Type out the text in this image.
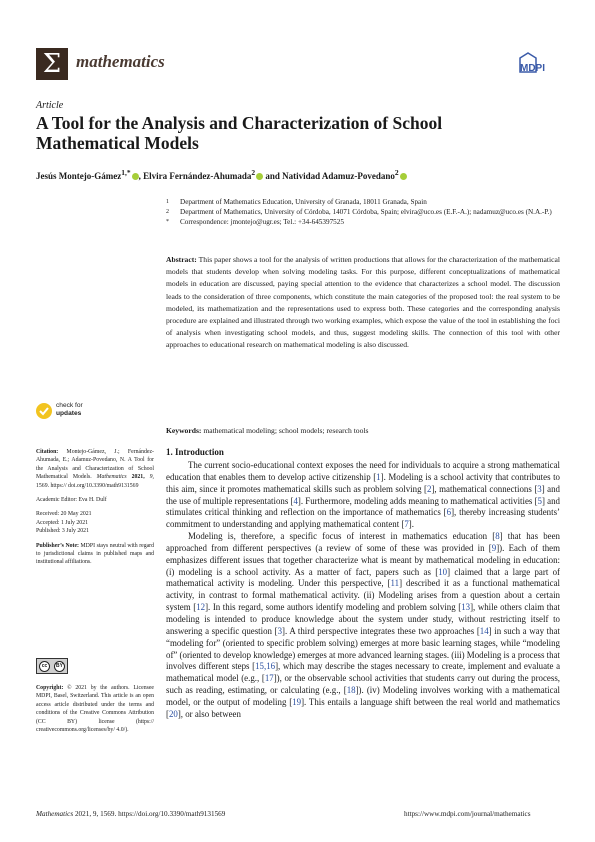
Σ mathematics	MDPI
Article
A Tool for the Analysis and Characterization of School Mathematical Models
Jesús Montejo-Gámez$^{1,*}$ , Elvira Fernández-Ahumada$^2$ and Natividad Adamuz-Povedano$^2$
1	Department of Mathematics Education, University of Granada, 18011 Granada, Spain
2	Department of Mathematics, University of Córdoba, 14071 Córdoba, Spain; elvira@uco.es (E.F.-A.); nadamuz@uco.es (N.A.-P.)
*	Correspondence: jmontejo@ugr.es; Tel.: +34-645397525
Abstract: This paper shows a tool for the analysis of written productions that allows for the characterization of the mathematical models that students develop when solving modeling tasks. For this purpose, different conceptualizations of mathematical models in education are discussed, paying special attention to the evidence that characterizes a school model. The discussion leads to the consideration of three components, which constitute the main categories of the proposed tool: the real system to be modeled, its mathematization and the representations used to express both. These categories and the corresponding analysis procedure are explained and illustrated through two working examples, which expose the value of the tool in establishing the foci of analysis when investigating school models, and thus, suggest modeling skills. The connection of this tool with other approaches to educational research on mathematical modeling is also discussed.
Keywords: mathematical modeling; school models; research tools
check for
updates

Citation: Montejo-Gámez, J.; Fernández-Ahumada, E.; Adamuz-Povedano, N. A Tool for the Analysis and Characterization of School Mathematical Models. Mathematics 2021, 9, 1569. https:// doi.org/10.3390/math9131569

Academic Editor: Eva H. Dulf

Received: 20 May 2021
Accepted: 1 July 2021
Published: 3 July 2021

Publisher’s Note: MDPI stays neutral with regard to jurisdictional claims in published maps and institutional affiliations.

cc	BY
Copyright: © 2021 by the authors. Licensee MDPI, Basel, Switzerland. This article is an open access article distributed under the terms and conditions of the Creative Commons Attribution (CC BY) license (https:// creativecommons.org/licenses/by/ 4.0/).
1. Introduction

The current socio-educational context exposes the need for individuals to acquire a strong mathematical education that enables them to develop active citizenship [1]. Modeling is a school activity that contributes to this aim, since it promotes mathematical skills such as problem solving [2], mathematical connections [3] and the use of multiple representations [4]. Furthermore, modeling adds meaning to mathematical activities [5] and stimulates critical thinking and reflection on the importance of mathematics [6], thereby increasing students’ commitment to understanding and applying mathematical content [7].

Modeling is, therefore, a specific focus of interest in mathematics education [8] that has been approached from different perspectives (a review of some of these was provided in [9]). Each of them emphasizes different issues that together characterize what is meant by mathematical modeling in education: (i) modeling is a school activity. As a matter of fact, papers such as [10] claimed that a large part of mathematical activity is modeling. Under this perspective, [11] described it as a functional mathematical activity, in contrast to formal mathematical activity. (ii) Modeling arises from a question about a certain system [12]. In this regard, some authors identify modeling and problem solving [13], while others claim that modeling is intended to produce knowledge about the system under study, without restricting itself to answering a specific question [3]. A third perspective integrates these two approaches [14] in such a way that “modeling for” (oriented to specific problem solving) emerges at more basic learning stages, while “modeling of” (oriented to develop knowledge) emerges at more advanced learning stages. (iii) Modeling is a process that involves different steps [15,16], which may describe the stages necessary to create, implement and evaluate a mathematical model (e.g., [17]), or the observable school activities that students carry out during the process, such as reading, estimating, or calculating (e.g., [18]). (iv) Modeling involves working with a mathematical model, or the output of modeling [19]. This entails a language shift between the real world and mathematics [20], or also between

Mathematics 2021, 9, 1569. https://doi.org/10.3390/math9131569	https://www.mdpi.com/journal/mathematics
